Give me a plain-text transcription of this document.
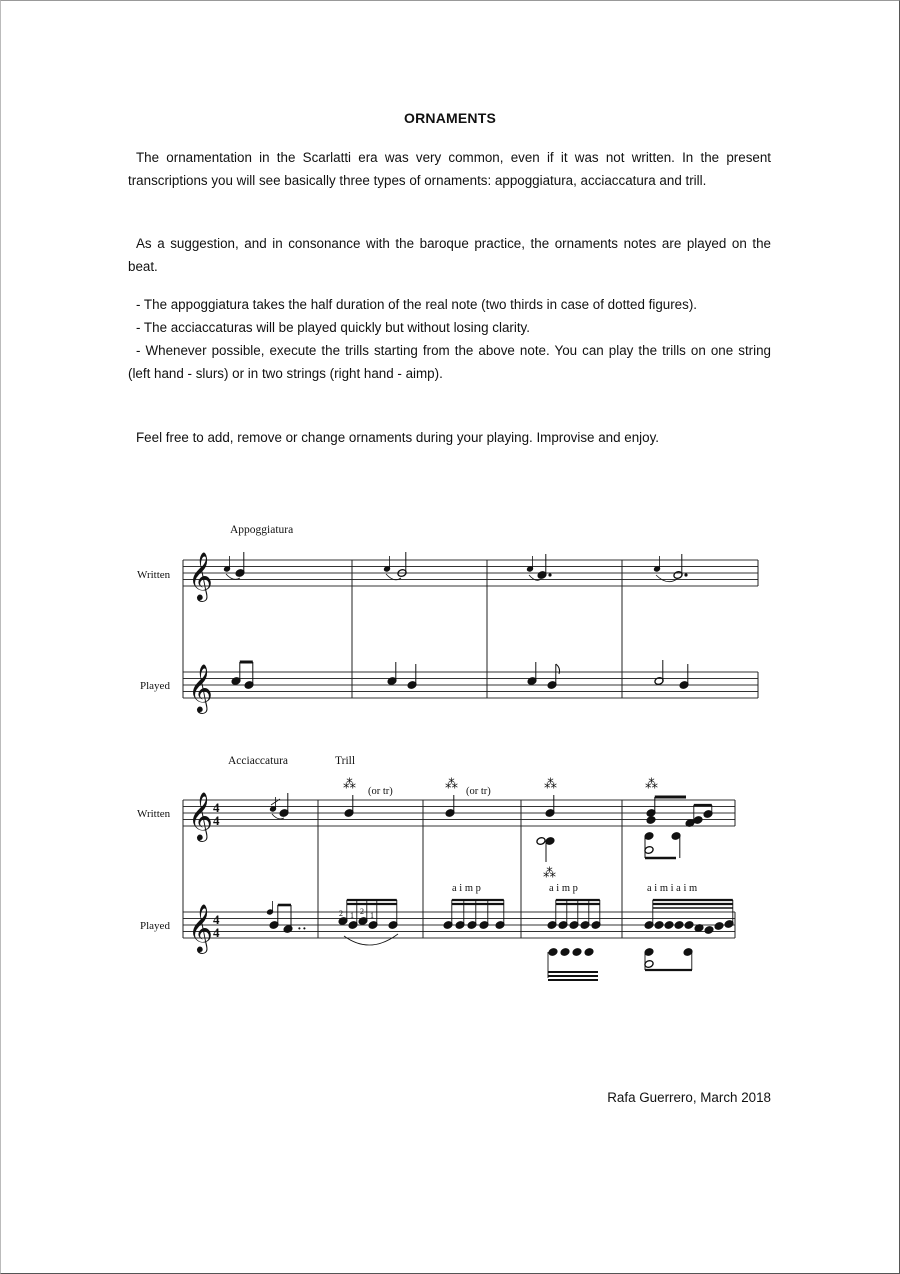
ORNAMENTS

The ornamentation in the Scarlatti era was very common, even if it was not written. In the present transcriptions you will see basically three types of ornaments: appoggiatura, acciaccatura and trill.

As a suggestion, and in consonance with the baroque practice, the ornaments notes are played on the beat.

- The appoggiatura takes the half duration of the real note (two thirds in case of dotted figures).

- The acciaccaturas will be played quickly but without losing clarity.

- Whenever possible, execute the trills starting from the above note. You can play the trills on one string (left hand - slurs) or in two strings (right hand - aimp).

Feel free to add, remove or change ornaments during your playing. Improvise and enjoy.

Appoggiatura
Written
Played
𝄞
𝄞
Acciaccatura	Trill
Written
Played
𝄞
𝄞
4
4
4
4
⁂
(or tr)
⁂
(or tr)
⁂
⁂
⁂
• •
2 1 2 1
a i m p	a i m p	a i m i a i m
Rafa Guerrero, March 2018
